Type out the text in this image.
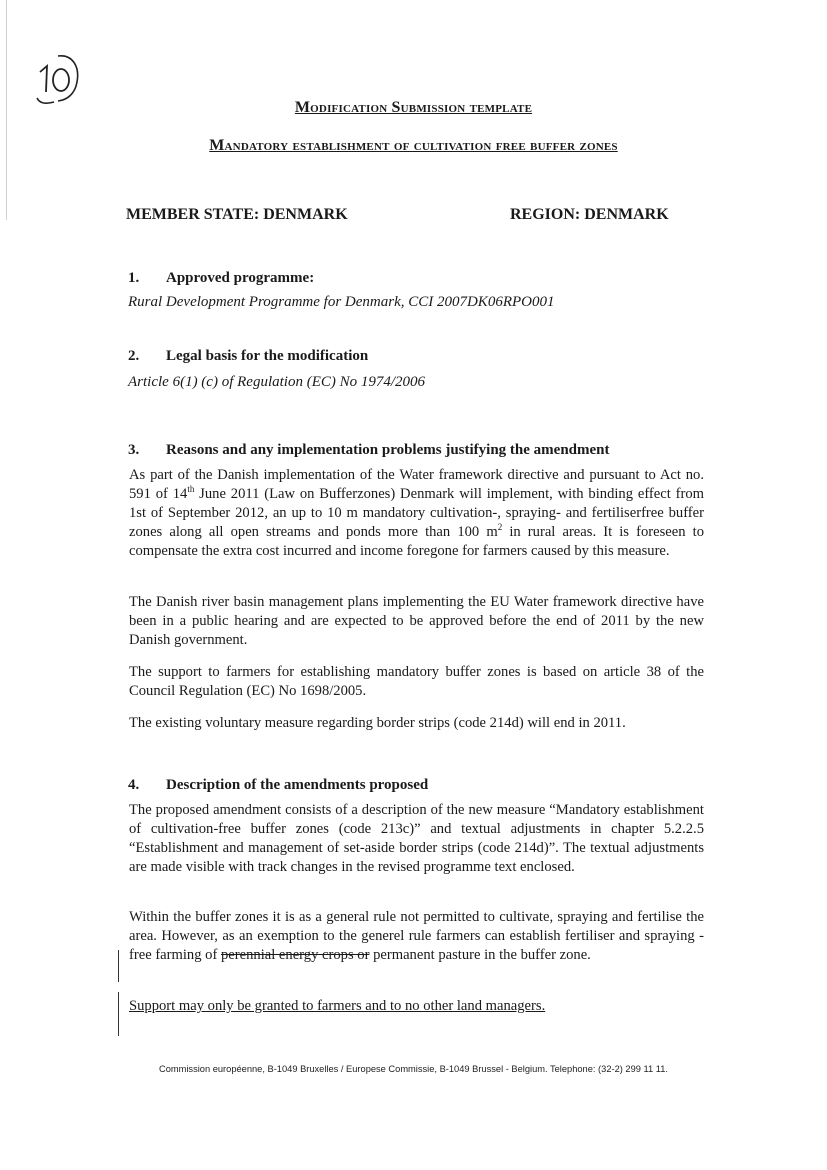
Modification Submission template
Mandatory establishment of cultivation free buffer zones
MEMBER STATE: DENMARK	REGION: DENMARK
1. Approved programme:
Rural Development Programme for Denmark, CCI 2007DK06RPO001
2. Legal basis for the modification
Article 6(1) (c) of Regulation (EC) No 1974/2006
3. Reasons and any implementation problems justifying the amendment

As part of the Danish implementation of the Water framework directive and pursuant to Act no. 591 of 14th June 2011 (Law on Bufferzones) Denmark will implement, with binding effect from 1st of September 2012, an up to 10 m mandatory cultivation-, spraying- and fertiliserfree buffer zones along all open streams and ponds more than 100 $m^2$ in rural areas. It is foreseen to compensate the extra cost incurred and income foregone for farmers caused by this measure.

The Danish river basin management plans implementing the EU Water framework directive have been in a public hearing and are expected to be approved before the end of 2011 by the new Danish government.

The support to farmers for establishing mandatory buffer zones is based on article 38 of the Council Regulation (EC) No 1698/2005.

The existing voluntary measure regarding border strips (code 214d) will end in 2011.

4. Description of the amendments proposed

The proposed amendment consists of a description of the new measure “Mandatory establishment of cultivation-free buffer zones (code 213c)” and textual adjustments in chapter 5.2.2.5 “Establishment and management of set-aside border strips (code 214d)”. The textual adjustments are made visible with track changes in the revised programme text enclosed.

Within the buffer zones it is as a general rule not permitted to cultivate, spraying and fertilise the area. However, as an exemption to the generel rule farmers can establish fertiliser and spraying -free farming of perennial energy crops or permanent pasture in the buffer zone.

Support may only be granted to farmers and to no other land managers.

Commission européenne, B-1049 Bruxelles / Europese Commissie, B-1049 Brussel - Belgium. Telephone: (32-2) 299 11 11.
